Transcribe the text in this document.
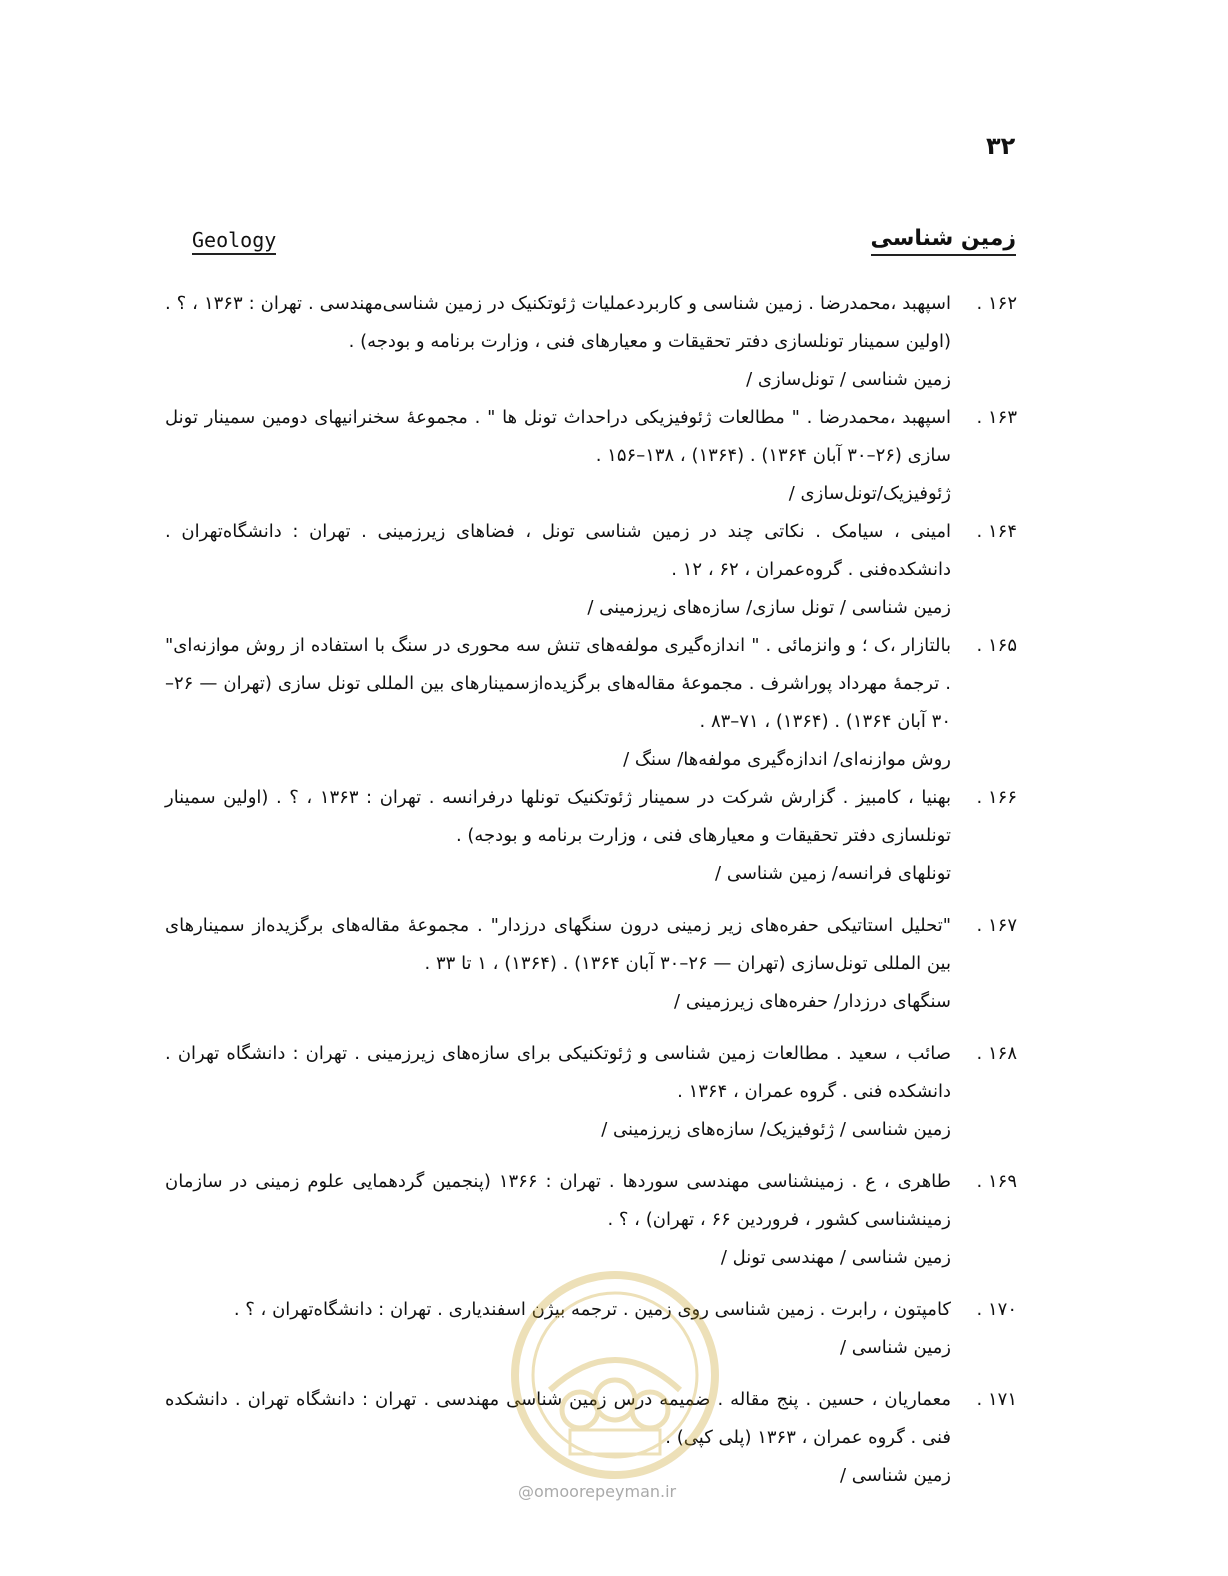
۳۲
زمین شناسی
Geology
۱۶۲ .اسپهبد ،محمدرضا . زمین شناسی و کاربردعملیات ژئوتکنیک در زمین شناسی‌مهندسی . تهران : ۱۳۶۳ ، ؟ . (اولین سمینار تونلسازی دفتر تحقیقات و معیارهای فنی ، وزارت برنامه و بودجه) .
زمین شناسی / تونل‌سازی /
۱۶۳ .اسپهبد ،محمدرضا . " مطالعات ژئوفیزیکی دراحداث تونل ها " . مجموعهٔ سخنرانیهای دومین سمینار تونل سازی (۲۶–۳۰ آبان ۱۳۶۴) . (۱۳۶۴) ، ۱۳۸–۱۵۶ .
ژئوفیزیک/تونل‌سازی /
۱۶۴ .امینی ، سیامک . نکاتی چند در زمین شناسی تونل ، فضاهای زیرزمینی . تهران : دانشگاه‌تهران . دانشکده‌فنی . گروه‌عمران ، ۶۲ ، ۱۲ .
زمین شناسی / تونل سازی/ سازه‌های زیرزمینی /
۱۶۵ .بالتازار ،ک ؛ و وانزمائی . " اندازه‌گیری مولفه‌های تنش سه محوری در سنگ با استفاده از روش موازنه‌ای" . ترجمهٔ مهرداد پوراشرف . مجموعهٔ مقاله‌های برگزیده‌ازسمینارهای بین المللی تونل سازی (تهران — ۲۶– ۳۰ آبان ۱۳۶۴) . (۱۳۶۴) ، ۷۱–۸۳ .
روش موازنه‌ای/ اندازه‌گیری مولفه‌ها/ سنگ /
۱۶۶ .بهنیا ، کامبیز . گزارش شرکت در سمینار ژئوتکنیک تونلها درفرانسه . تهران : ۱۳۶۳ ، ؟ . (اولین سمینار تونلسازی دفتر تحقیقات و معیارهای فنی ، وزارت برنامه و بودجه) .
تونلهای فرانسه/ زمین شناسی /
۱۶۷ ."تحلیل استاتیکی حفره‌های زیر زمینی درون سنگهای درزدار" . مجموعهٔ مقاله‌های برگزیده‌از سمینارهای بین المللی تونل‌سازی (تهران — ۲۶–۳۰ آبان ۱۳۶۴) . (۱۳۶۴) ، ۱ تا ۳۳ .
سنگهای درزدار/ حفره‌های زیرزمینی /
۱۶۸ .صائب ، سعید . مطالعات زمین شناسی و ژئوتکنیکی برای سازه‌های زیرزمینی . تهران : دانشگاه تهران . دانشکده فنی . گروه عمران ، ۱۳۶۴ .
زمین شناسی / ژئوفیزیک/ سازه‌های زیرزمینی /
۱۶۹ .طاهری ، ع . زمینشناسی مهندسی سوردها . تهران : ۱۳۶۶ (پنجمین گردهمایی علوم زمینی در سازمان زمینشناسی کشور ، فروردین ۶۶ ، تهران) ، ؟ .
زمین شناسی / مهندسی تونل /
۱۷۰ .کامپتون ، رابرت . زمین شناسی روی زمین . ترجمه بیژن اسفندیاری . تهران : دانشگاه‌تهران ، ؟ .
زمین شناسی /
۱۷۱ .معماریان ، حسین . پنج مقاله . ضمیمه درس زمین شناسی مهندسی . تهران : دانشگاه تهران . دانشکده فنی . گروه عمران ، ۱۳۶۳ (پلی کپی) .
زمین شناسی /
@omoorepeyman.ir
